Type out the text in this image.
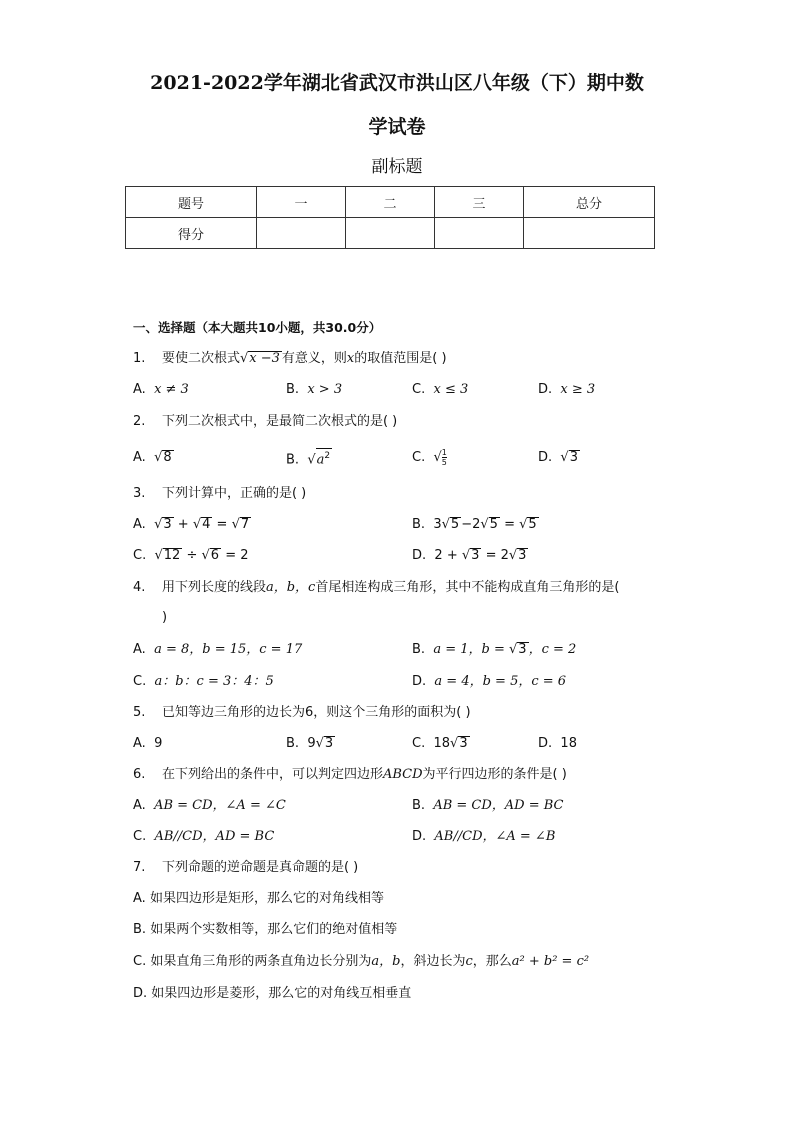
2021-2022学年湖北省武汉市洪山区八年级（下）期中数
学试卷
副标题
题号	一	二	三	总分
得分				
一、选择题（本大题共10小题，共30.0分）
1. 要使二次根式√x −3 有意义，则x的取值范围是( )
A. x ≠ 3	B. x > 3	C. x ≤ 3	D. x ≥ 3
2. 下列二次根式中，是最简二次根式的是( )
A. √8	B. $√a^2$	C. √ $\frac{1}{5}$	D. √3
3. 下列计算中，正确的是( )
A. √3 + √4 = √7	B. 3√5 −2√5 = √5
C. √12 ÷ √6 = 2	D. 2 + √3 = 2√3
4. 用下列长度的线段a，b，c首尾相连构成三角形，其中不能构成直角三角形的是(
)
A. a = 8，b = 15，c = 17	B. a = 1，b = √3 ，c = 2
C. a：b：c = 3：4：5	D. a = 4，b = 5，c = 6
5. 已知等边三角形的边长为6，则这个三角形的面积为( )
A. 9	B. 9√3	C. 18√3	D. 18
6. 在下列给出的条件中，可以判定四边形ABCD为平行四边形的条件是( )
A. AB = CD，∠A = ∠C	B. AB = CD，AD = BC
C. AB//CD，AD = BC	D. AB//CD，∠A = ∠B
7. 下列命题的逆命题是真命题的是( )
A. 如果四边形是矩形，那么它的对角线相等
B. 如果两个实数相等，那么它们的绝对值相等
C. 如果直角三角形的两条直角边长分别为a，b，斜边长为c，那么a² + b² = c²
D. 如果四边形是菱形，那么它的对角线互相垂直
